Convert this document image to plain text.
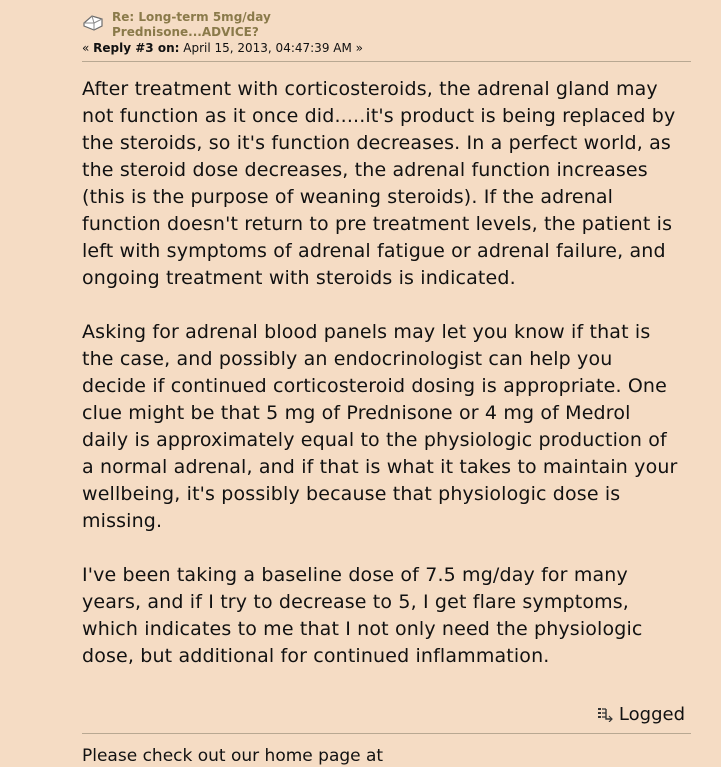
Re: Long-term 5mg/day
Prednisone...ADVICE?
« Reply #3 on: April 15, 2013, 04:47:39 AM »

After treatment with corticosteroids, the adrenal gland may not function as it once did.....it's product is being replaced by the steroids, so it's function decreases. In a perfect world, as the steroid dose decreases, the adrenal function increases (this is the purpose of weaning steroids). If the adrenal function doesn't return to pre treatment levels, the patient is left with symptoms of adrenal fatigue or adrenal failure, and ongoing treatment with steroids is indicated.

Asking for adrenal blood panels may let you know if that is the case, and possibly an endocrinologist can help you decide if continued corticosteroid dosing is appropriate. One clue might be that 5 mg of Prednisone or 4 mg of Medrol daily is approximately equal to the physiologic production of a normal adrenal, and if that is what it takes to maintain your wellbeing, it's possibly because that physiologic dose is missing.

I've been taking a baseline dose of 7.5 mg/day for many years, and if I try to decrease to 5, I get flare symptoms, which indicates to me that I not only need the physiologic dose, but additional for continued inflammation.

Logged
Please check out our home page at
